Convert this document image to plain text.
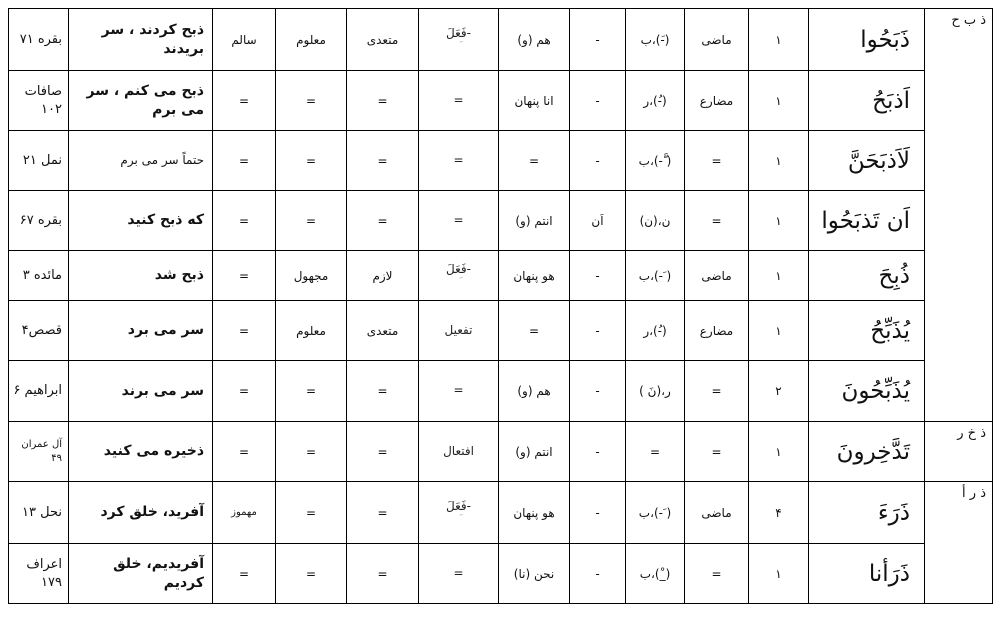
بقره ۷۱	ذبح کردند ، سر بریدند	سالم	معلوم	متعدی	فَعَلَ-	(و) هم	-	ب،(-َ)	ماضی	١	ذَبَحُوا	ذ ب ح
صافات ۱۰۲	ذبح می کنم ، سر می برم	=	=	=	=	انا پنهان	-	ر،(-ُ)	مضارع	١	اَذبَحُ	
نمل ۲۱	حتماً سر می برم	=	=	=	=	=	-	ب،(- َّ)	=	١	لَاَذبَحَنَّ	
بقره ۶۷	که ذبح کنید	=	=	=	=	(و) انتم	اَن	ن،(ن)	=	١	اَن تَذبَحُوا	
مائده ۳	ذبح شد	=	مجهول	لازم	فَعَلَ-	هو پنهان	-	ب،(- َ)	ماضی	١	ذُبِحَ	
قصص۴	سر می برد	=	معلوم	متعدی	تفعیل	=	-	ر،(-ُ)	مضارع	١	یُذَبِّحُ	
ابراهیم ۶	سر می برند	=	=	=	=	(و) هم	-	ر،(نَ )	=	۲	یُذَبِّحُونَ	
آل عمران ۴۹	ذخیره می کنید	=	=	=	افتعال	(و) انتم	-	=	=	١	تَدَّخِرونَ	ذ خ ر
نحل ۱۳	آفرید، خلق کرد	مهموز	=	=	فَعَلَ-	هو پنهان	-	ب،(- َ)	ماضی	۴	ذَرَءَ	ذ ر أ
اعراف ۱۷۹	آفریدیم، خلق کردیم	=	=	=	=	(نا) نحن	-	ب،(_ْ)	=	١	ذَرَأنا	
